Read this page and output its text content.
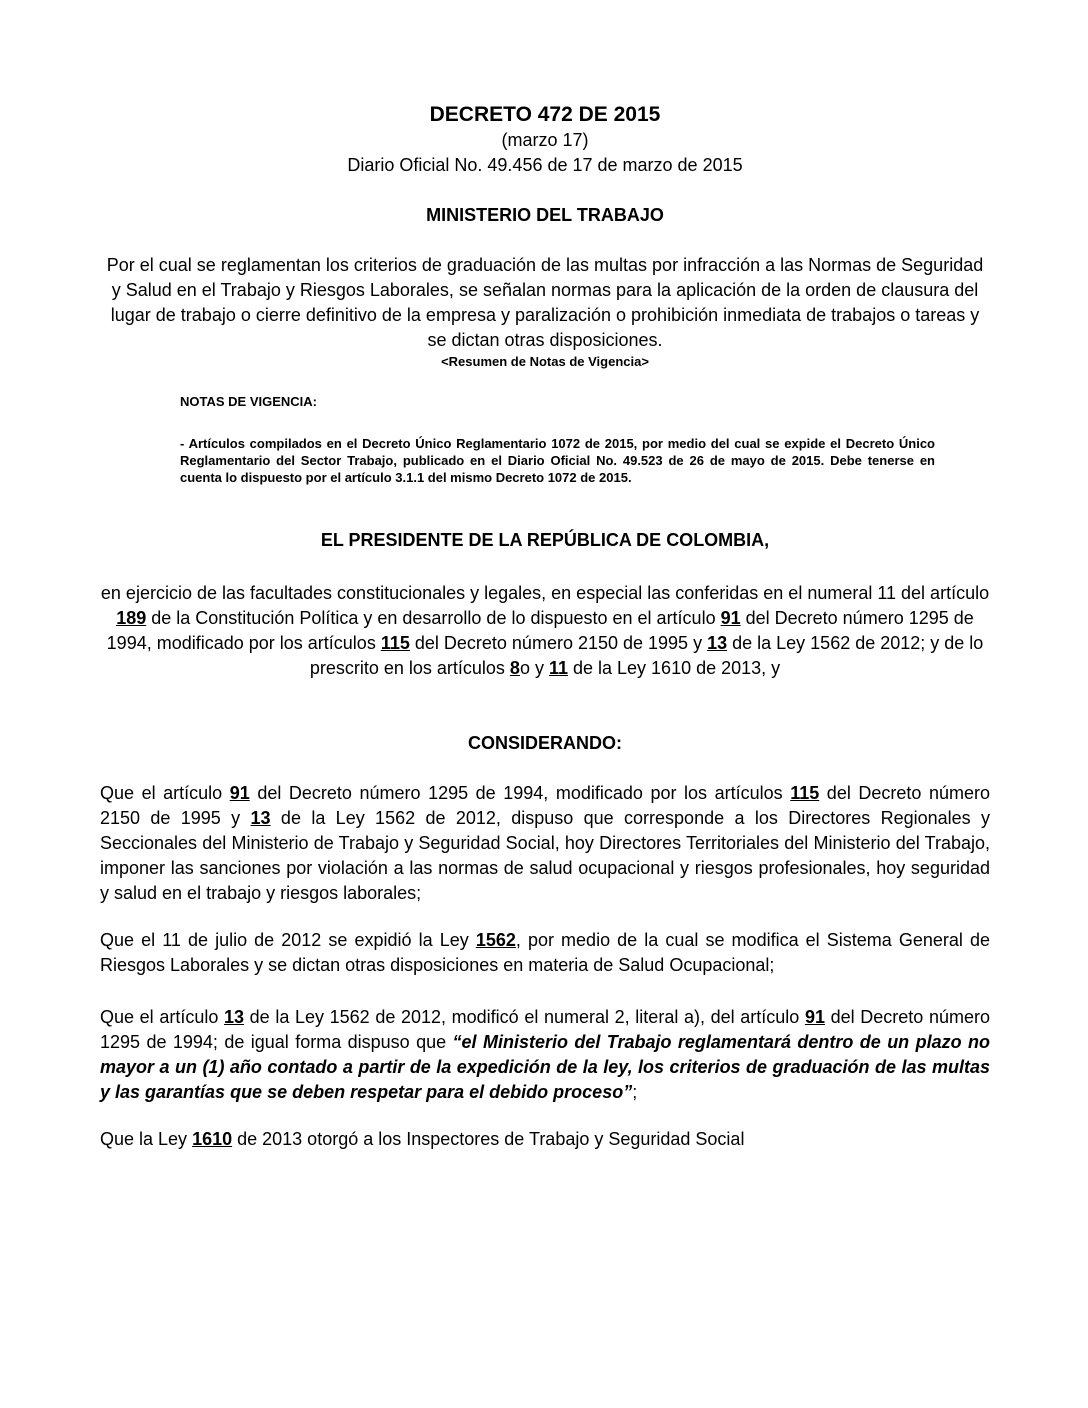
DECRETO 472 DE 2015
(marzo 17)
Diario Oficial No. 49.456 de 17 de marzo de 2015
MINISTERIO DEL TRABAJO
Por el cual se reglamentan los criterios de graduación de las multas por infracción a las Normas de Seguridad y Salud en el Trabajo y Riesgos Laborales, se señalan normas para la aplicación de la orden de clausura del lugar de trabajo o cierre definitivo de la empresa y paralización o prohibición inmediata de trabajos o tareas y se dictan otras disposiciones.
<Resumen de Notas de Vigencia>
NOTAS DE VIGENCIA:
- Artículos compilados en el Decreto Único Reglamentario 1072 de 2015, por medio del cual se expide el Decreto Único Reglamentario del Sector Trabajo, publicado en el Diario Oficial No. 49.523 de 26 de mayo de 2015. Debe tenerse en cuenta lo dispuesto por el artículo 3.1.1 del mismo Decreto 1072 de 2015.
EL PRESIDENTE DE LA REPÚBLICA DE COLOMBIA,
en ejercicio de las facultades constitucionales y legales, en especial las conferidas en el numeral 11 del artículo 189 de la Constitución Política y en desarrollo de lo dispuesto en el artículo 91 del Decreto número 1295 de 1994, modificado por los artículos 115 del Decreto número 2150 de 1995 y 13 de la Ley 1562 de 2012; y de lo prescrito en los artículos 8o y 11 de la Ley 1610 de 2013, y
CONSIDERANDO:
Que el artículo 91 del Decreto número 1295 de 1994, modificado por los artículos 115 del Decreto número 2150 de 1995 y 13 de la Ley 1562 de 2012, dispuso que corresponde a los Directores Regionales y Seccionales del Ministerio de Trabajo y Seguridad Social, hoy Directores Territoriales del Ministerio del Trabajo, imponer las sanciones por violación a las normas de salud ocupacional y riesgos profesionales, hoy seguridad y salud en el trabajo y riesgos laborales;
Que el 11 de julio de 2012 se expidió la Ley 1562, por medio de la cual se modifica el Sistema General de Riesgos Laborales y se dictan otras disposiciones en materia de Salud Ocupacional;
Que el artículo 13 de la Ley 1562 de 2012, modificó el numeral 2, literal a), del artículo 91 del Decreto número 1295 de 1994; de igual forma dispuso que “el Ministerio del Trabajo reglamentará dentro de un plazo no mayor a un (1) año contado a partir de la expedición de la ley, los criterios de graduación de las multas y las garantías que se deben respetar para el debido proceso”;
Que la Ley 1610 de 2013 otorgó a los Inspectores de Trabajo y Seguridad Social
